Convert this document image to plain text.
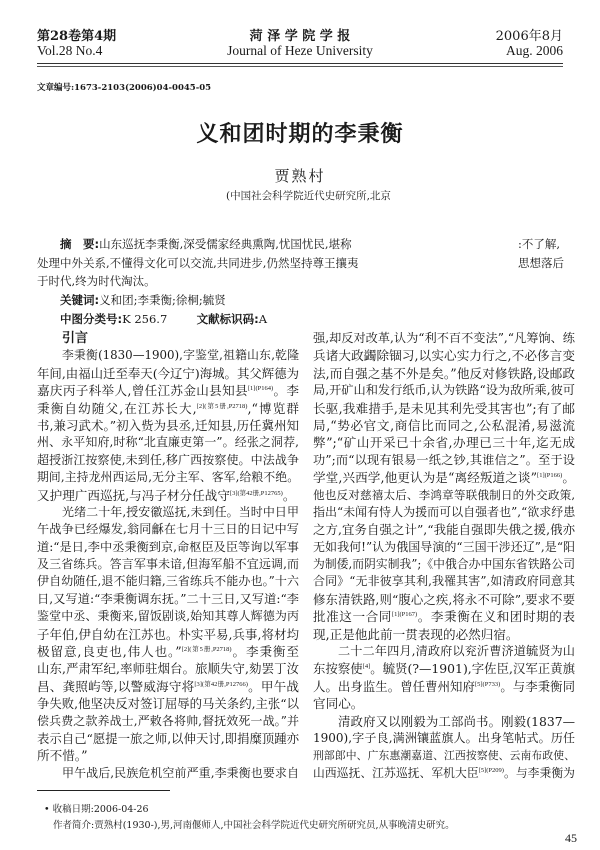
第28卷第4期
Vol.28 No.4
菏 泽 学 院 学 报
Journal of Heze University
2006年8月
Aug. 2006
文章编号:1673-2103(2006)04-0045-05
义和团时期的李秉衡
贾熟村
(中国社会科学院近代史研究所,北京
摘　要:山东巡抚李秉衡,深受儒家经典熏陶,忧国忧民,堪称	:不了解,
处理中外关系,不懂得文化可以交流,共同进步,仍然坚持尊王攘夷	思想落后
于时代,终为时代淘汰。
关键词:义和团;李秉衡;徐桐;毓贤
中图分类号:K 256.7	文献标识码:A
引言
李秉衡(1830—1900),字鉴堂,祖籍山东,乾隆
年间,由福山迁至奉天(今辽宁)海城。其父辉德为
嘉庆丙子科举人,曾任江苏金山县知县$^{[1](P164)}$。李
秉衡自幼随父,在江苏长大,$^{[2](第5册,P2718)}$,“博览群
书,兼习武术。”初入赀为县丞,迁知县,历任冀州知
州、永平知府,时称“北直廉吏第一”。经张之洞荐,
超授浙江按察使,未到任,移广西按察使。中法战争
期间,主持龙州西运局,无分主军、客军,给粮不绝。
又护理广西巡抚,与冯子材分任战守$^{[3](第42册,P12765)}$。
光绪二十年,授安徽巡抚,未到任。当时中日甲
午战争已经爆发,翁同龢在七月十三日的日记中写
道:“是日,李中丞秉衡到京,命枢臣及臣等询以军事
及三省练兵。答言军事未谙,但海军船不宜远调,而
伊自幼随任,退不能归籍,三省练兵不能办也。”十六
日,又写道:“李秉衡调东抚。”二十三日,又写道:“李
鉴堂中丞、秉衡来,留饭剧谈,始知其尊人辉德为丙
子年伯,伊自幼在江苏也。朴实平易,兵事,将材均
极留意,良吏也,伟人也。”$^{[2](第5册,P2718)}$。李秉衡至
山东,严肃军纪,率师驻烟台。旅顺失守,劾罢丁汝
昌、龚照屿等,以警威海守将$^{[3](第42册,P12766)}$。甲午战
争失败,他坚决反对签订屈辱的马关条约,主张“以
偿兵费之款养战士,严敕各将帅,督抚效死一战。”并
表示自己“愿提一旅之师,以伸天讨,即捐糜顶踵亦
所不惜。”
甲午战后,民族危机空前严重,李秉衡也要求自
强,却反对改革,认为“利不百不变法”,“凡筹饷、练
兵诸大政蠲除锢习,以实心实力行之,不必侈言变
法,而自强之基不外是矣。”他反对修铁路,设邮政
局,开矿山和发行纸币,认为铁路“设为敌所乘,彼可
长驱,我难措手,是未见其利先受其害也”;有了邮
局,“势必官文,商信比而同之,公私混淆,易滋流
弊”;“矿山开采已十余省,办理已三十年,迄无成
功”;而“以现有银易一纸之钞,其谁信之”。至于设
学堂,兴西学,他更认为是“离经叛道之谈”$^{[1](P166)}$。
他也反对慈禧太后、李鸿章等联俄制日的外交政策,
指出“未闻有恃人为援而可以自强者也”,“欲求纾患
之方,宜务自强之计”,“我能自强即失俄之援,俄亦
无如我何!”认为俄国导演的“三国干涉还辽”,是“阳
为制倭,而阴实制我”;《中俄合办中国东省铁路公司
合同》“无非彼享其利,我罹其害”,如清政府同意其
修东清铁路,则“腹心之疾,将永不可除”,要求不要
批准这一合同$^{[1](P167)}$。李秉衡在义和团时期的表
现,正是他此前一贯表现的必然归宿。
二十二年四月,清政府以兖沂曹济道毓贤为山
东按察使[4]。毓贤(?—1901),字佐臣,汉军正黄旗
人。出身监生。曾任曹州知府$^{[5](P733)}$。与李秉衡同
官同心。
清政府又以刚毅为工部尚书。刚毅(1837—
1900),字子良,满洲镶蓝旗人。出身笔帖式。历任
刑部郎中、广东惠潮嘉道、江西按察使、云南布政使、
山西巡抚、江苏巡抚、军机大臣$^{[5](P209)}$。与李秉衡为
• 收稿日期:2006-04-26
作者简介:贾熟村(1930-),男,河南偃师人,中国社会科学院近代史研究所研究员,从事晚清史研究。
45
